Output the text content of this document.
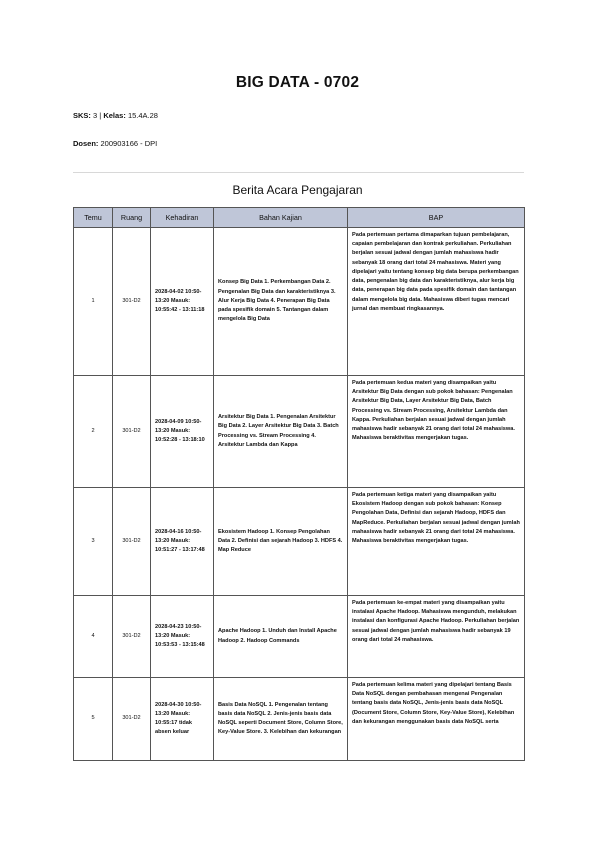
BIG DATA - 0702
SKS: 3 | Kelas: 15.4A.28
Dosen: 200903166 - DPI
Berita Acara Pengajaran
Temu	Ruang	Kehadiran	Bahan Kajian	BAP
1	301-D2	2028-04-02 10:50-13:20 Masuk: 10:55:42 - 13:11:18	Konsep Big Data 1. Perkembangan Data 2. Pengenalan Big Data dan karakteristiknya 3. Alur Kerja Big Data 4. Penerapan Big Data pada spesifik domain 5. Tantangan dalam mengelola Big Data	Pada pertemuan pertama dimaparkan tujuan pembelajaran, capaian pembelajaran dan kontrak perkuliahan. Perkuliahan berjalan sesuai jadwal dengan jumlah mahasiswa hadir sebanyak 18 orang dari total 24 mahasiswa. Materi yang dipelajari yaitu tentang konsep big data berupa perkembangan data, pengenalan big data dan karakteristiknya, alur kerja big data, penerapan big data pada spesifik domain dan tantangan dalam mengelola big data. Mahasiswa diberi tugas mencari jurnal dan membuat ringkasannya.
2	301-D2	2028-04-09 10:50-13:20 Masuk: 10:52:28 - 13:18:10	Arsitektur Big Data 1. Pengenalan Arsitektur Big Data 2. Layer Arsitektur Big Data 3. Batch Processing vs. Stream Processing 4. Arsitektur Lambda dan Kappa	Pada pertemuan kedua materi yang disampaikan yaitu Arsitektur Big Data dengan sub pokok bahasan: Pengenalan Arsitektur Big Data, Layer Arsitektur Big Data, Batch Processing vs. Stream Processing, Arsitektur Lambda dan Kappa. Perkuliahan berjalan sesuai jadwal dengan jumlah mahasiswa hadir sebanyak 21 orang dari total 24 mahasiswa. Mahasiswa beraktivitas mengerjakan tugas.
3	301-D2	2028-04-16 10:50-13:20 Masuk: 10:51:27 - 13:17:48	Ekosistem Hadoop 1. Konsep Pengolahan Data 2. Definisi dan sejarah Hadoop 3. HDFS 4. Map Reduce	Pada pertemuan ketiga materi yang disampaikan yaitu Ekosistem Hadoop dengan sub pokok bahasan: Konsep Pengolahan Data, Definisi dan sejarah Hadoop, HDFS dan MapReduce. Perkuliahan berjalan sesuai jadwal dengan jumlah mahasiswa hadir sebanyak 21 orang dari total 24 mahasiswa. Mahasiswa beraktivitas mengerjakan tugas.
4	301-D2	2028-04-23 10:50-13:20 Masuk: 10:53:53 - 13:15:48	Apache Hadoop 1. Unduh dan Install Apache Hadoop 2. Hadoop Commands	Pada pertemuan ke-empat materi yang disampaikan yaitu instalasi Apache Hadoop. Mahasiswa mengunduh, melakukan instalasi dan konfigurasi Apache Hadoop. Perkuliahan berjalan sesuai jadwal dengan jumlah mahasiswa hadir sebanyak 19 orang dari total 24 mahasiswa.
5	301-D2	2028-04-30 10:50-13:20 Masuk: 10:55:17 tidak absen keluar	Basis Data NoSQL 1. Pengenalan tentang basis data NoSQL 2. Jenis-jenis basis data NoSQL seperti Document Store, Column Store, Key-Value Store. 3. Kelebihan dan kekurangan	Pada pertemuan kelima materi yang dipelajari tentang Basis Data NoSQL dengan pembahasan mengenai Pengenalan tentang basis data NoSQL, Jenis-jenis basis data NoSQL (Document Store, Column Store, Key-Value Store), Kelebihan dan kekurangan menggunakan basis data NoSQL serta
